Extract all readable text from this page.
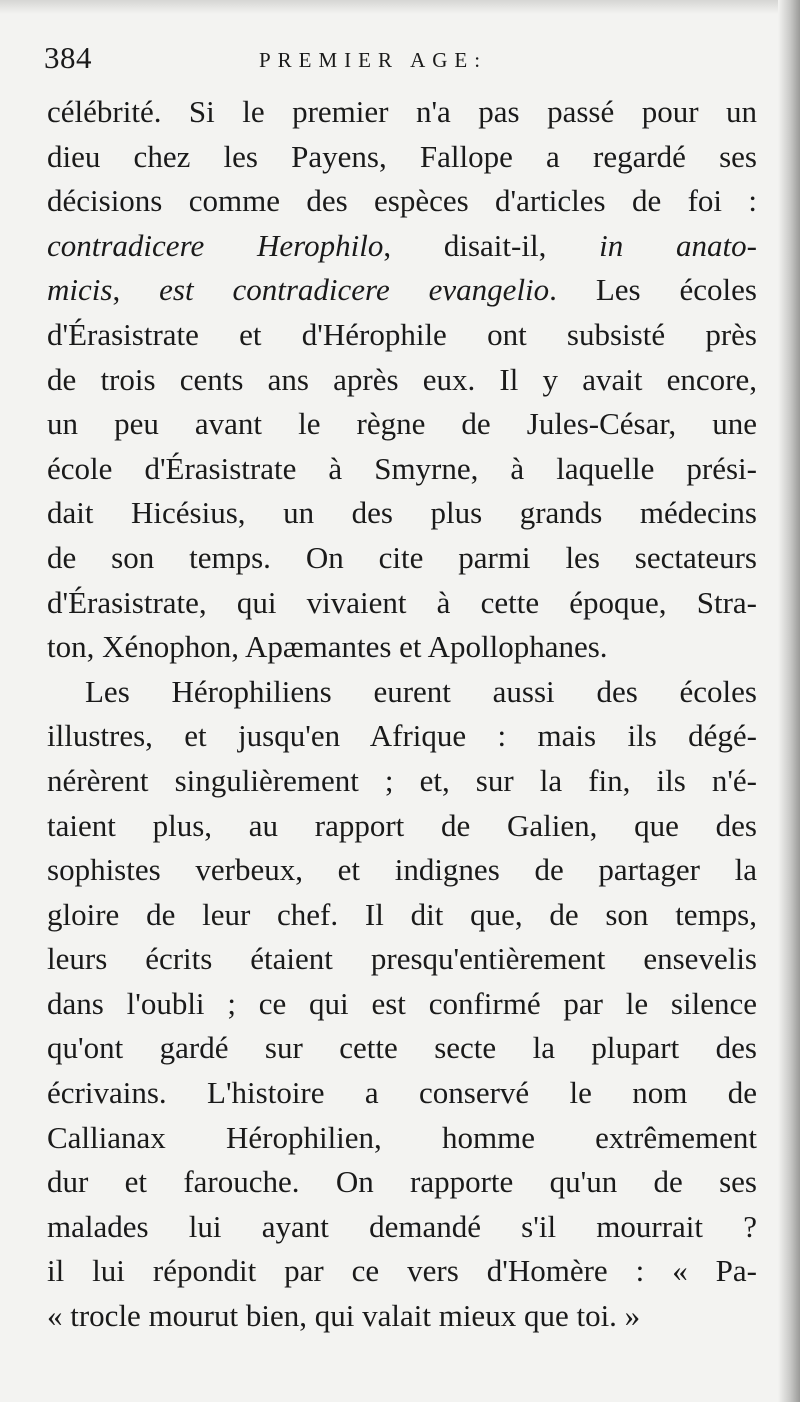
384	PREMIER AGE:
célébrité. Si le premier n'a pas passé pour un
dieu chez les Payens, Fallope a regardé ses
décisions comme des espèces d'articles de foi :
contradicere Herophilo, disait-il, in anato-
micis, est contradicere evangelio. Les écoles
d'Érasistrate et d'Hérophile ont subsisté près
de trois cents ans après eux. Il y avait encore,
un peu avant le règne de Jules-César, une
école d'Érasistrate à Smyrne, à laquelle prési-
dait Hicésius, un des plus grands médecins
de son temps. On cite parmi les sectateurs
d'Érasistrate, qui vivaient à cette époque, Stra-
ton, Xénophon, Apæmantes et Apollophanes.
Les Hérophiliens eurent aussi des écoles
illustres, et jusqu'en Afrique : mais ils dégé-
nérèrent singulièrement ; et, sur la fin, ils n'é-
taient plus, au rapport de Galien, que des
sophistes verbeux, et indignes de partager la
gloire de leur chef. Il dit que, de son temps,
leurs écrits étaient presqu'entièrement ensevelis
dans l'oubli ; ce qui est confirmé par le silence
qu'ont gardé sur cette secte la plupart des
écrivains. L'histoire a conservé le nom de
Callianax Hérophilien, homme extrêmement
dur et farouche. On rapporte qu'un de ses
malades lui ayant demandé s'il mourrait ?
il lui répondit par ce vers d'Homère : « Pa-
« trocle mourut bien, qui valait mieux que toi. »
